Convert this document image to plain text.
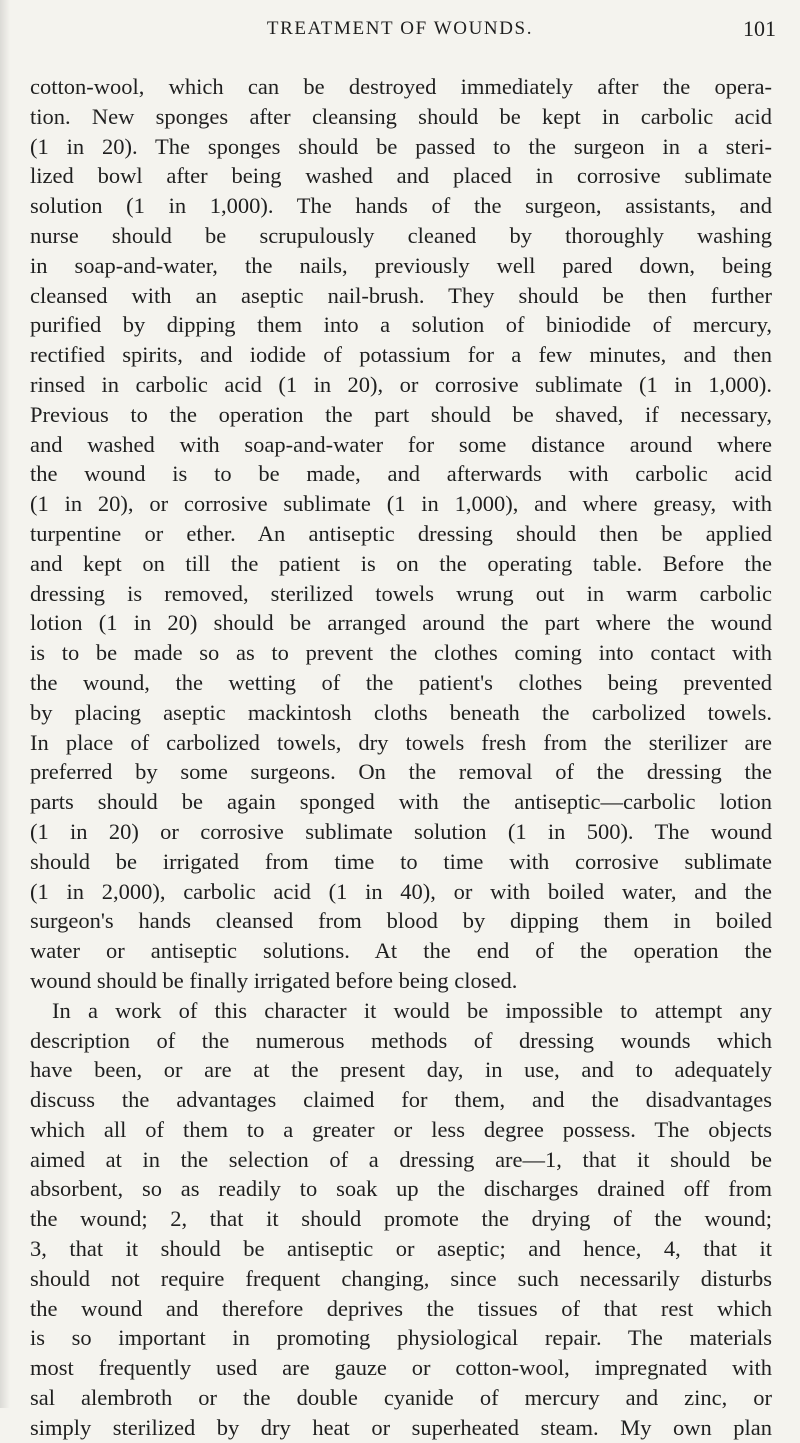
TREATMENT OF WOUNDS.	101
cotton-wool, which can be destroyed immediately after the opera-
tion. New sponges after cleansing should be kept in carbolic acid
(1 in 20). The sponges should be passed to the surgeon in a steri-
lized bowl after being washed and placed in corrosive sublimate
solution (1 in 1,000). The hands of the surgeon, assistants, and
nurse should be scrupulously cleaned by thoroughly washing
in soap-and-water, the nails, previously well pared down, being
cleansed with an aseptic nail-brush. They should be then further
purified by dipping them into a solution of biniodide of mercury,
rectified spirits, and iodide of potassium for a few minutes, and then
rinsed in carbolic acid (1 in 20), or corrosive sublimate (1 in 1,000).
Previous to the operation the part should be shaved, if necessary,
and washed with soap-and-water for some distance around where
the wound is to be made, and afterwards with carbolic acid
(1 in 20), or corrosive sublimate (1 in 1,000), and where greasy, with
turpentine or ether. An antiseptic dressing should then be applied
and kept on till the patient is on the operating table. Before the
dressing is removed, sterilized towels wrung out in warm carbolic
lotion (1 in 20) should be arranged around the part where the wound
is to be made so as to prevent the clothes coming into contact with
the wound, the wetting of the patient's clothes being prevented
by placing aseptic mackintosh cloths beneath the carbolized towels.
In place of carbolized towels, dry towels fresh from the sterilizer are
preferred by some surgeons. On the removal of the dressing the
parts should be again sponged with the antiseptic—carbolic lotion
(1 in 20) or corrosive sublimate solution (1 in 500). The wound
should be irrigated from time to time with corrosive sublimate
(1 in 2,000), carbolic acid (1 in 40), or with boiled water, and the
surgeon's hands cleansed from blood by dipping them in boiled
water or antiseptic solutions. At the end of the operation the
wound should be finally irrigated before being closed.
In a work of this character it would be impossible to attempt any
description of the numerous methods of dressing wounds which
have been, or are at the present day, in use, and to adequately
discuss the advantages claimed for them, and the disadvantages
which all of them to a greater or less degree possess. The objects
aimed at in the selection of a dressing are—1, that it should be
absorbent, so as readily to soak up the discharges drained off from
the wound; 2, that it should promote the drying of the wound;
3, that it should be antiseptic or aseptic; and hence, 4, that it
should not require frequent changing, since such necessarily disturbs
the wound and therefore deprives the tissues of that rest which
is so important in promoting physiological repair. The materials
most frequently used are gauze or cotton-wool, impregnated with
sal alembroth or the double cyanide of mercury and zinc, or
simply sterilized by dry heat or superheated steam. My own plan
